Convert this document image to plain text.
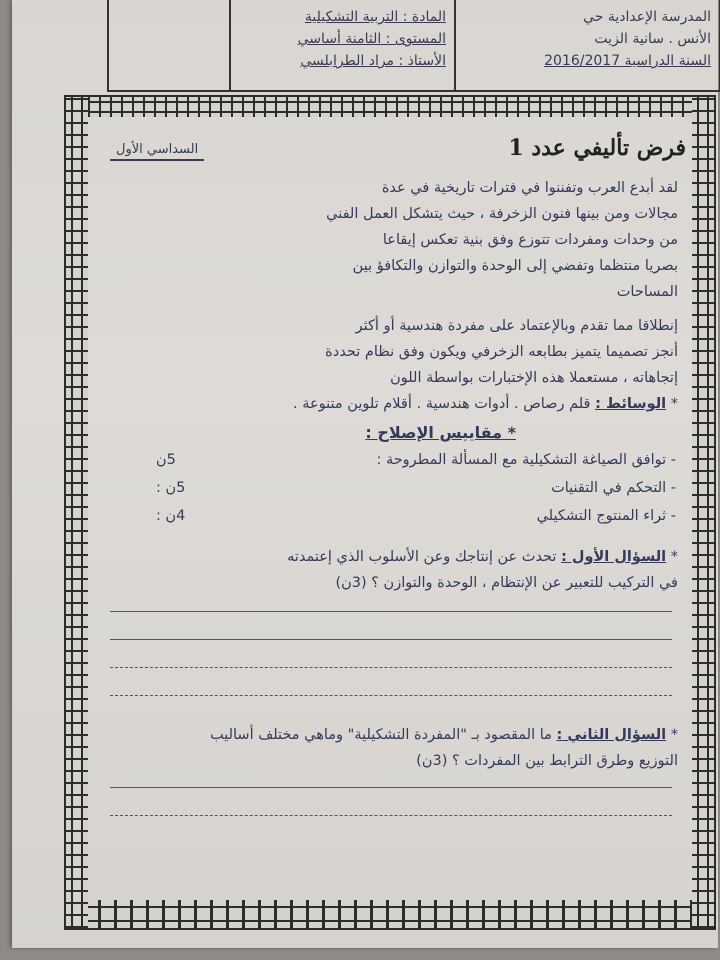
المدرسة الإعدادية حي
الأنس . سانية الزيت
السنة الدراسية 2016/2017
المادة : التربية التشكيلية
المستوى : الثامنة أساسي
الأستاذ : مراد الطرابلسي
فرض تأليفي عدد 1
السداسي الأول
لقد أبدع العرب وتفننوا في فترات تاريخية في عدة
مجالات ومن بينها فنون الزخرفة ، حيث يتشكل العمل الفني
من وحدات ومفردات تتوزع وفق بنية تعكس إيقاعا
بصريا منتظما وتفضي إلى الوحدة والتوازن والتكافؤ بين
المساحات
إنطلاقا مما تقدم وبالإعتماد على مفردة هندسية أو أكثر
أنجز تصميما يتميز بطابعه الزخرفي ويكون وفق نظام تحددة
إتجاهاته ، مستعملا هذه الإختبارات بواسطة اللون
* الوسائط : قلم رصاص . أدوات هندسية . أقلام تلوين متنوعة .
* مقاييس الإصلاح :
- توافق الصياغة التشكيلية مع المسألة المطروحة :
5ن
- التحكم في التقنيات
5ن :
- ثراء المنتوج التشكيلي
4ن :
* السؤال الأول : تحدث عن إنتاجك وعن الأسلوب الذي إعتمدته
في التركيب للتعبير عن الإنتظام ، الوحدة والتوازن ؟ (3ن)
* السؤال الثاني : ما المقصود بـ "المفردة التشكيلية" وماهي مختلف أساليب
التوزيع وطرق الترابط بين المفردات ؟ (3ن)
